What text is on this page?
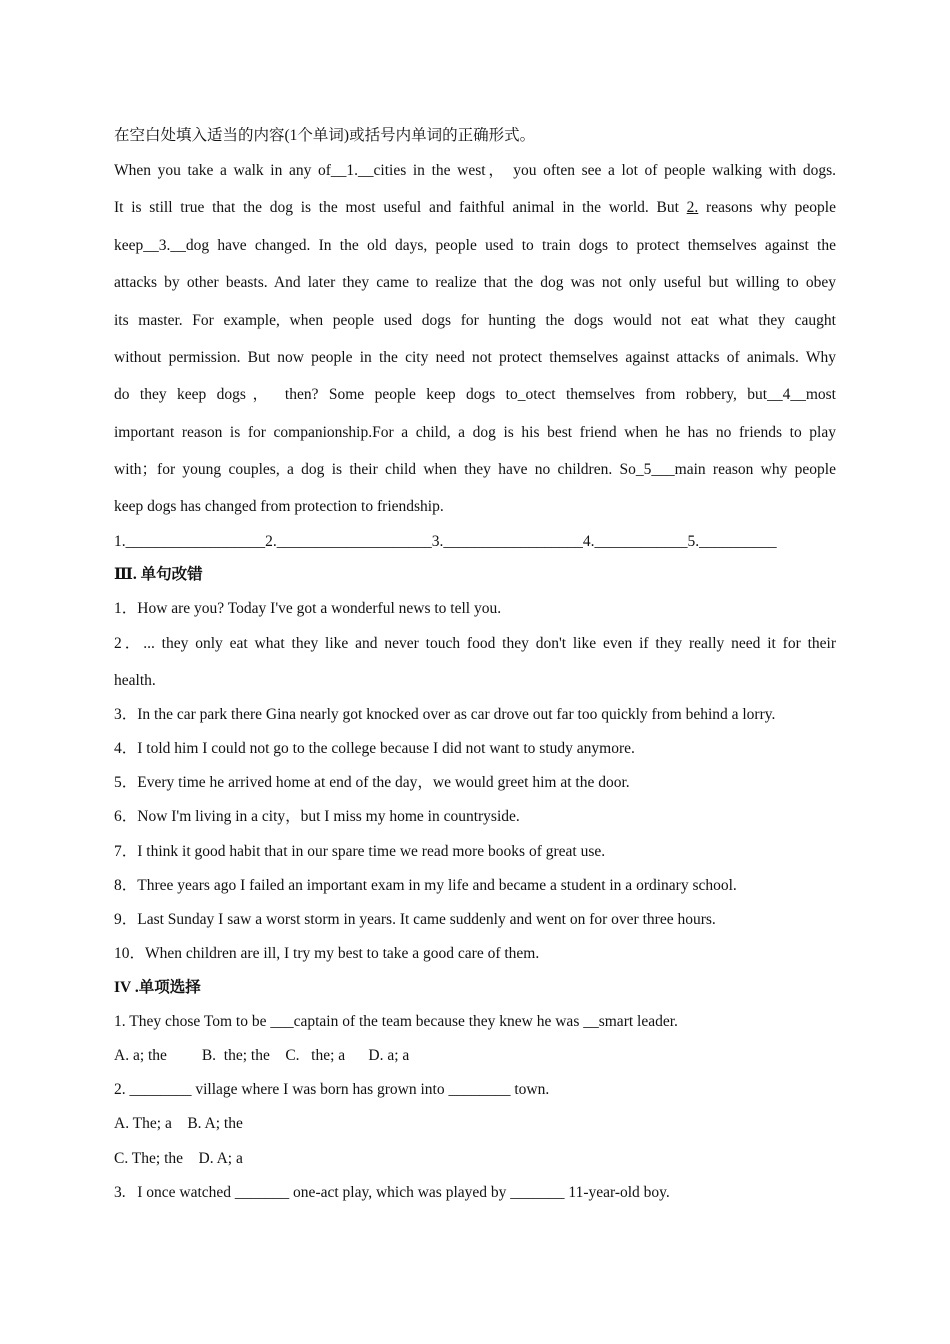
在空白处填入适当的内容(1个单词)或括号内单词的正确形式。
When you take a walk in any of__1.__cities in the west， you often see a lot of people walking with dogs.
It is still true that the dog is the most useful and faithful animal in the world. But 2. reasons why people
keep__3.__dog have changed. In the old days, people used to train dogs to protect themselves against the
attacks by other beasts. And later they came to realize that the dog was not only useful but willing to obey
its master. For example, when people used dogs for hunting the dogs would not eat what they caught
without permission. But now people in the city need not protect themselves against attacks of animals. Why
do they keep dogs， then? Some people keep dogs to_otect themselves from robbery, but__4__most
important reason is for companionship.For a child, a dog is his best friend when he has no friends to play
with；for young couples, a dog is their child when they have no children. So_5___main reason why people
keep dogs has changed from protection to friendship.
1.__________________2.____________________3.__________________4.____________5.__________
Ⅲ. 单句改错
1．How are you? Today I've got a wonderful news to tell you.
2．... they only eat what they like and never touch food they don't like even if they really need it for their
health.
3．In the car park there Gina nearly got knocked over as car drove out far too quickly from behind a lorry.
4．I told him I could not go to the college because I did not want to study anymore.
5．Every time he arrived home at end of the day，we would greet him at the door.
6．Now I'm living in a city，but I miss my home in countryside.
7．I think it good habit that in our spare time we read more books of great use.
8．Three years ago I failed an important exam in my life and became a student in a ordinary school.
9．Last Sunday I saw a worst storm in years. It came suddenly and went on for over three hours.
10．When children are ill, I try my best to take a good care of them.
IV .单项选择
1. They chose Tom to be ___captain of the team because they knew he was __smart leader.
A. a; the         B.  the; the    C.   the; a      D. a; a
2. ________ village where I was born has grown into ________ town.
A. The; a    B. A; the
C. The; the    D. A; a
3.   I once watched _______ one-act play, which was played by _______ 11-year-old boy.
